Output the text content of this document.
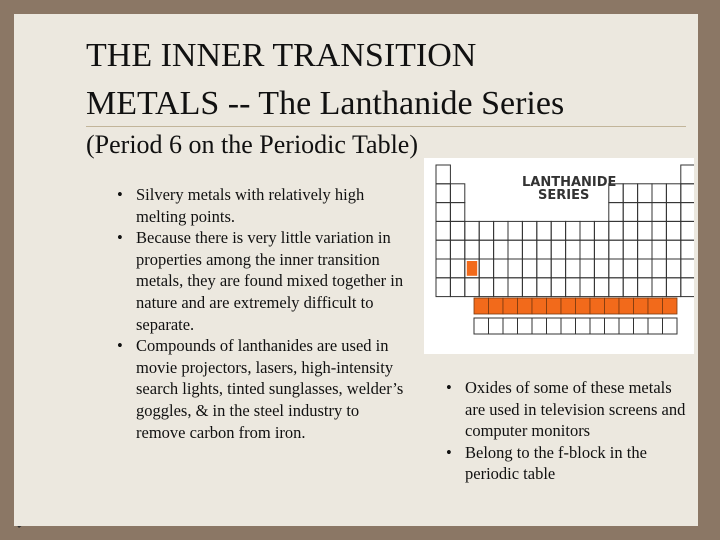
THE INNER TRANSITION
METALS -- The Lanthanide Series
(Period 6 on the Periodic Table)
• Silvery metals with relatively high melting points.
• Because there is very little variation in properties among the inner transition metals, they are found mixed together in nature and are extremely difficult to separate.
• Compounds of lanthanides are used in movie projectors, lasers, high-intensity search lights, tinted sunglasses, welder’s goggles, & in the steel industry to remove carbon from iron.
LANTHANIDE
SERIES
• Oxides of some of these metals are used in television screens and computer monitors
• Belong to the f-block in the periodic table
